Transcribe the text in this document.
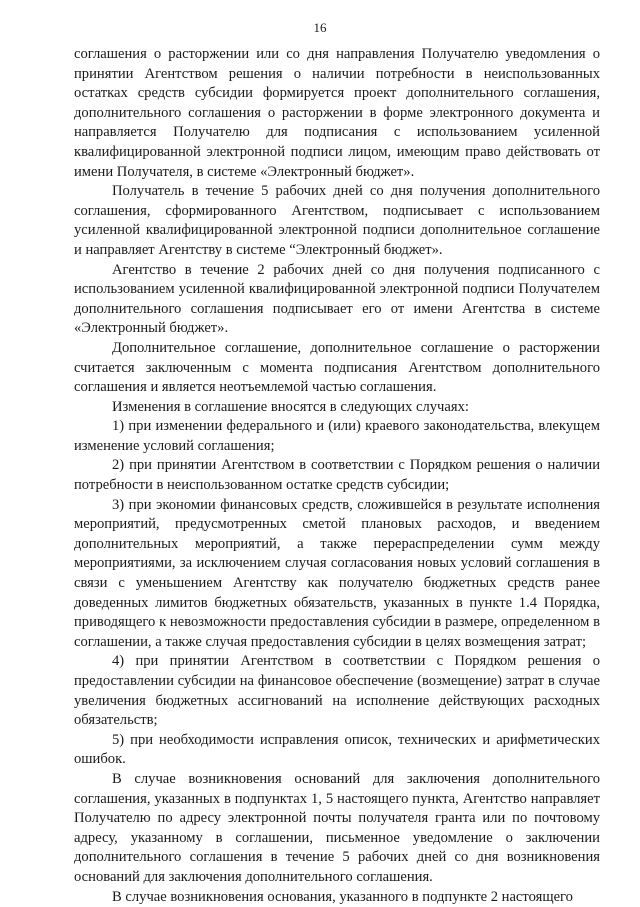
16

соглашения о расторжении или со дня направления Получателю уведомления о принятии Агентством решения о наличии потребности в неиспользованных остатках средств субсидии формируется проект дополнительного соглашения, дополнительного соглашения о расторжении в форме электронного документа и направляется Получателю для подписания с использованием усиленной квалифицированной электронной подписи лицом, имеющим право действовать от имени Получателя, в системе «Электронный бюджет».

Получатель в течение 5 рабочих дней со дня получения дополнительного соглашения, сформированного Агентством, подписывает с использованием усиленной квалифицированной электронной подписи дополнительное соглашение и направляет Агентству в системе “Электронный бюджет».

Агентство в течение 2 рабочих дней со дня получения подписанного с использованием усиленной квалифицированной электронной подписи Получателем дополнительного соглашения подписывает его от имени Агентства в системе «Электронный бюджет».

Дополнительное соглашение, дополнительное соглашение о расторжении считается заключенным с момента подписания Агентством дополнительного соглашения и является неотъемлемой частью соглашения.

Изменения в соглашение вносятся в следующих случаях:

1) при изменении федерального и (или) краевого законодательства, влекущем изменение условий соглашения;

2) при принятии Агентством в соответствии с Порядком решения о наличии потребности в неиспользованном остатке средств субсидии;

3) при экономии финансовых средств, сложившейся в результате исполнения мероприятий, предусмотренных сметой плановых расходов, и введением дополнительных мероприятий, а также перераспределении сумм между мероприятиями, за исключением случая согласования новых условий соглашения в связи с уменьшением Агентству как получателю бюджетных средств ранее доведенных лимитов бюджетных обязательств, указанных в пункте 1.4 Порядка, приводящего к невозможности предоставления субсидии в размере, определенном в соглашении, а также случая предоставления субсидии в целях возмещения затрат;

4) при принятии Агентством в соответствии с Порядком решения о предоставлении субсидии на финансовое обеспечение (возмещение) затрат в случае увеличения бюджетных ассигнований на исполнение действующих расходных обязательств;

5) при необходимости исправления описок, технических и арифметических ошибок.

В случае возникновения оснований для заключения дополнительного соглашения, указанных в подпунктах 1, 5 настоящего пункта, Агентство направляет Получателю по адресу электронной почты получателя гранта или по почтовому адресу, указанному в соглашении, письменное уведомление о заключении дополнительного соглашения в течение 5 рабочих дней со дня возникновения оснований для заключения дополнительного соглашения.

В случае возникновения основания, указанного в подпункте 2 настоящего
